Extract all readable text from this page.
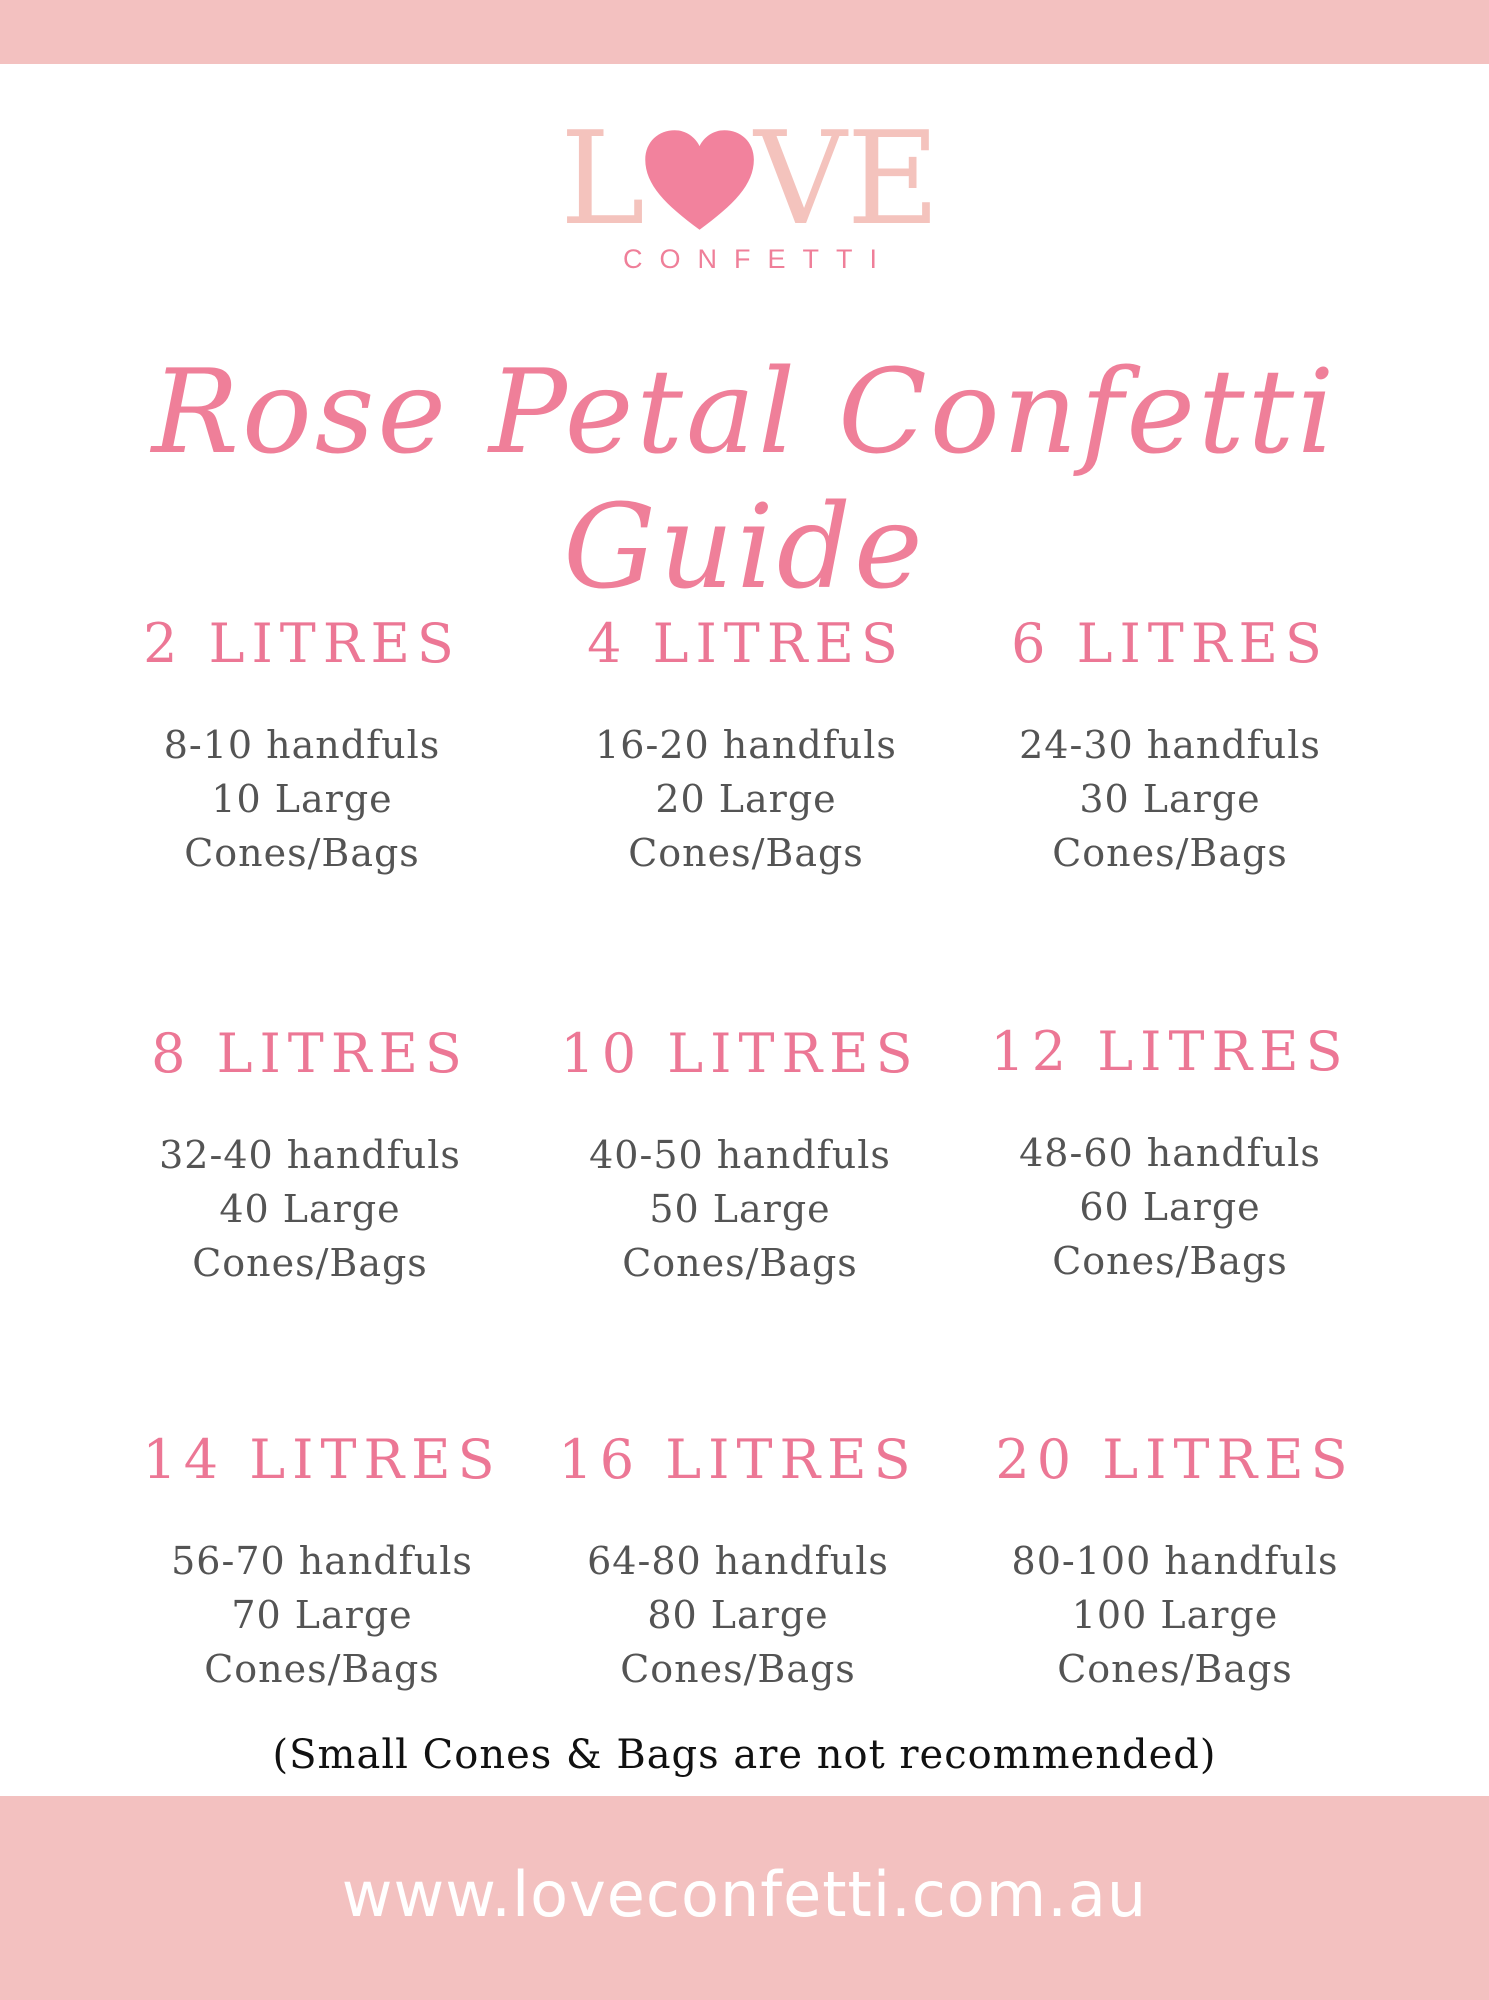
L VE
CONFETTI
Rose Petal Confetti Guide
2 LITRES
8-10 handfuls
10 Large
Cones/Bags
4 LITRES
16-20 handfuls
20 Large
Cones/Bags
6 LITRES
24-30 handfuls
30 Large
Cones/Bags
8 LITRES
32-40 handfuls
40 Large
Cones/Bags
10 LITRES
40-50 handfuls
50 Large
Cones/Bags
12 LITRES
48-60 handfuls
60 Large
Cones/Bags
14 LITRES
56-70 handfuls
70 Large
Cones/Bags
16 LITRES
64-80 handfuls
80 Large
Cones/Bags
20 LITRES
80-100 handfuls
100 Large
Cones/Bags
(Small Cones & Bags are not recommended)
www.loveconfetti.com.au
